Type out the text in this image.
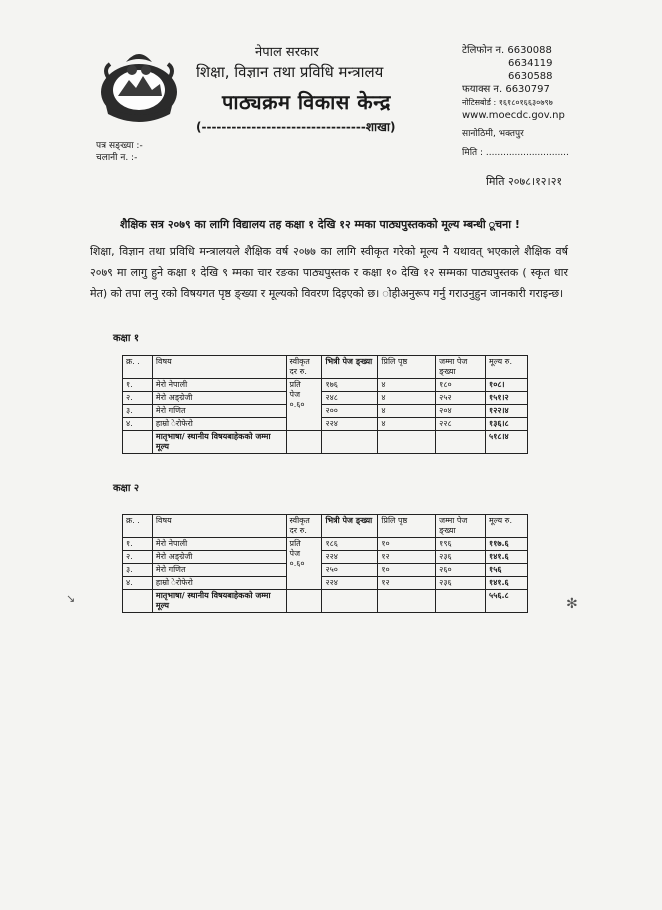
नेपाल सरकार
शिक्षा, विज्ञान तथा प्रविधि मन्त्रालय
पाठ्यक्रम विकास केन्द्र
(---------------------------------शाखा)
टेलिफोन न. 6630088
6634119
6630588
फयाक्स न. 6630797
नोटिसबोर्ड : १६१८०१६६३०७९७
www.moecdc.gov.np
सानोठिमी, भक्तपुर
मिति : .............................
पत्र सङ्ख्या :-
चलानी न. :-
मिति २०७८।१२।२१
शैक्षिक सत्र २०७९ का लागि विद्यालय तह कक्षा १ देखि १२ म्मका पाठ्यपुस्तकको मूल्य म्बन्धी ूचना !
शिक्षा, विज्ञान तथा प्रविधि मन्त्रालयले शैक्षिक वर्ष २०७७ का लागि स्वीकृत गरेको मूल्य नै यथावत् भएकाले शैक्षिक वर्ष २०७९ मा लागु हुने कक्षा १ देखि ९ म्मका चार रङका पाठ्यपुस्तक र कक्षा १० देखि १२ सम्मका पाठ्यपुस्तक ( स्कृत धार मेत) को तपा लनु रको विषयगत पृष्ठ ङ्ख्या र मूल्यको विवरण दिइएको छ। ोहीअनुरूप गर्नु गराउनुहुन जानकारी गराइन्छ।
कक्षा १
क्र. .	विषय	स्वीकृत दर रु.	भित्री पेज ङ्ख्या	प्रिलि पृष्ठ	जम्मा पेज ङ्ख्या	मूल्य रु.
१.	मेरो नेपाली	प्रति
पेज
०.६०	१७६	४	१८०	१०८।
२.	मेरो अङ्ग्रेजी		२४८	४	२५२	१५१।२
३.	मेरो गणित		२००	४	२०४	१२२।४
४.	हाम्रो ेरोफेरो		२२४	४	२२८	१३६।८
	मातृभाषा/ स्थानीय विषयबाहेकको जम्मा मूल्य					५१८।४
कक्षा २
क्र. .	विषय	स्वीकृत दर रु.	भित्री पेज ङ्ख्या	प्रिलि पृष्ठ	जम्मा पेज ङ्ख्या	मूल्य रु.
१.	मेरो नेपाली	प्रति
पेज
०.६०	१८६	१०	१९६	११७.६
२.	मेरो अङ्ग्रेजी		२२४	१२	२३६	१४१.६
३.	मेरो गणित		२५०	१०	२६०	१५६
४.	हाम्रो ेरोफेरो		२२४	१२	२३६	१४१.६
	मातृभाषा/ स्थानीय विषयबाहेकको जम्मा मूल्य					५५६.८
✻
↘
